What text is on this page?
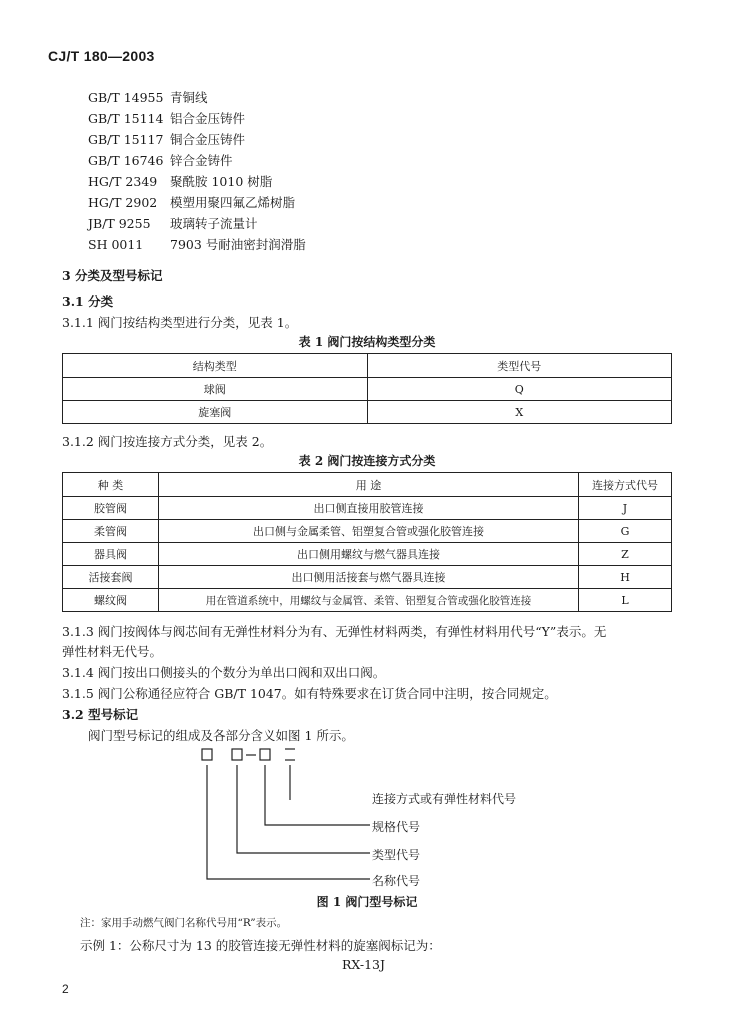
CJ/T 180—2003
GB/T 14955 青铜线
GB/T 15114 铝合金压铸件
GB/T 15117 铜合金压铸件
GB/T 16746 锌合金铸件
HG/T 2349 聚酰胺 1010 树脂
HG/T 2902 模塑用聚四氟乙烯树脂
JB/T 9255 玻璃转子流量计
SH 0011 7903 号耐油密封润滑脂
3 分类及型号标记
3.1 分类
3.1.1 阀门按结构类型进行分类，见表 1。
表 1 阀门按结构类型分类
结构类型	类型代号
球阀	Q
旋塞阀	X
3.1.2 阀门按连接方式分类，见表 2。
表 2 阀门按连接方式分类
种 类	用 途	连接方式代号
胶管阀	出口侧直接用胶管连接	J
柔管阀	出口侧与金属柔管、铝塑复合管或强化胶管连接	G
器具阀	出口侧用螺纹与燃气器具连接	Z
活接套阀	出口侧用活接套与燃气器具连接	H
螺纹阀	用在管道系统中，用螺纹与金属管、柔管、铝塑复合管或强化胶管连接	L
3.1.3 阀门按阀体与阀芯间有无弹性材料分为有、无弹性材料两类，有弹性材料用代号“Y”表示。无
弹性材料无代号。
3.1.4 阀门按出口侧接头的个数分为单出口阀和双出口阀。
3.1.5 阀门公称通径应符合 GB/T 1047。如有特殊要求在订货合同中注明，按合同规定。
3.2 型号标记
阀门型号标记的组成及各部分含义如图 1 所示。
连接方式或有弹性材料代号
规格代号
类型代号
名称代号
图 1 阀门型号标记
注：家用手动燃气阀门名称代号用“R”表示。
示例 1：公称尺寸为 13 的胶管连接无弹性材料的旋塞阀标记为：
RX-13J
2
